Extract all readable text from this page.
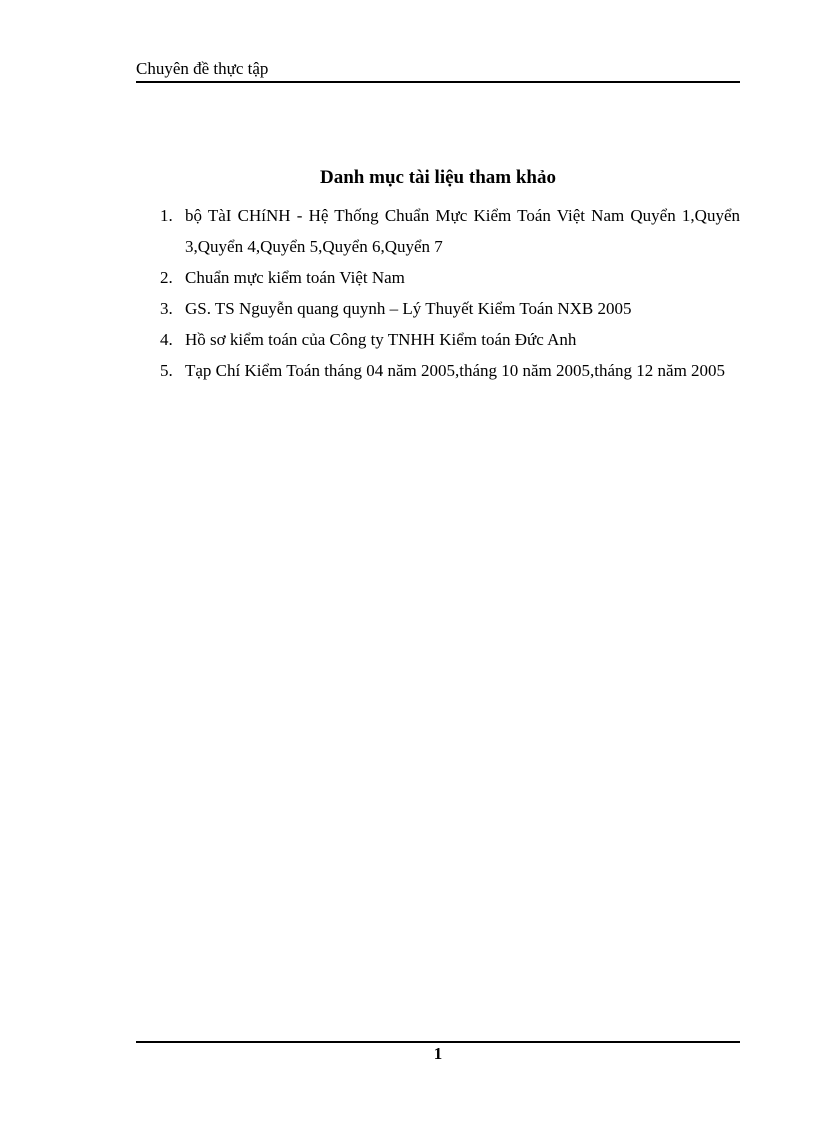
Chuyên đề thực tập
Danh mục tài liệu tham khảo
1. bộ TàI CHíNH - Hệ Thống Chuẩn Mực Kiểm Toán Việt Nam Quyển 1,Quyển 3,Quyển 4,Quyển 5,Quyển 6,Quyển 7
2. Chuẩn mực kiểm toán Việt Nam
3. GS. TS Nguyễn quang quynh – Lý Thuyết Kiểm Toán NXB 2005
4. Hồ sơ kiểm toán của Công ty TNHH Kiểm toán Đức Anh
5. Tạp Chí Kiểm Toán tháng 04 năm 2005,tháng 10 năm 2005,tháng 12 năm 2005
1
